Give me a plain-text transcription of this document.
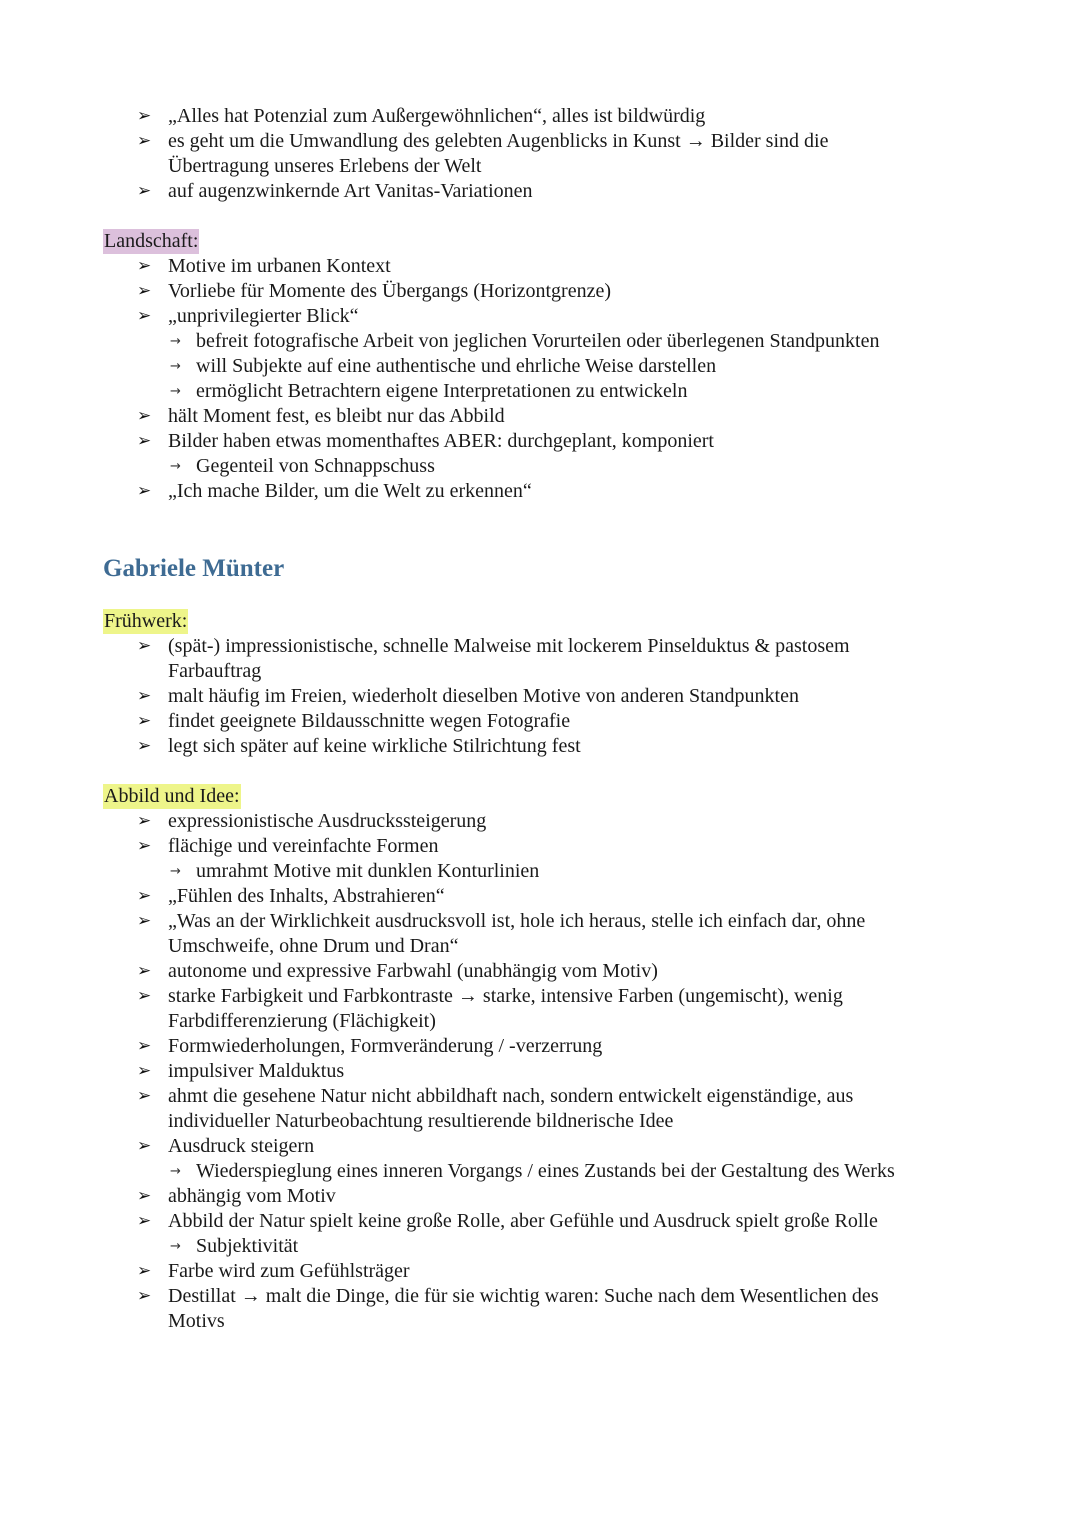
➢ „Alles hat Potenzial zum Außergewöhnlichen“, alles ist bildwürdig
➢ es geht um die Umwandlung des gelebten Augenblicks in Kunst → Bilder sind die
Übertragung unseres Erlebens der Welt
➢ auf augenzwinkernde Art Vanitas-Variationen
Landschaft:
➢ Motive im urbanen Kontext
➢ Vorliebe für Momente des Übergangs (Horizontgrenze)
➢ „unprivilegierter Blick“
→ befreit fotografische Arbeit von jeglichen Vorurteilen oder überlegenen Standpunkten
→ will Subjekte auf eine authentische und ehrliche Weise darstellen
→ ermöglicht Betrachtern eigene Interpretationen zu entwickeln
➢ hält Moment fest, es bleibt nur das Abbild
➢ Bilder haben etwas momenthaftes ABER: durchgeplant, komponiert
→ Gegenteil von Schnappschuss
➢ „Ich mache Bilder, um die Welt zu erkennen“
Gabriele Münter
Frühwerk:
➢ (spät-) impressionistische, schnelle Malweise mit lockerem Pinselduktus & pastosem
Farbauftrag
➢ malt häufig im Freien, wiederholt dieselben Motive von anderen Standpunkten
➢ findet geeignete Bildausschnitte wegen Fotografie
➢ legt sich später auf keine wirkliche Stilrichtung fest
Abbild und Idee:
➢ expressionistische Ausdruckssteigerung
➢ flächige und vereinfachte Formen
→ umrahmt Motive mit dunklen Konturlinien
➢ „Fühlen des Inhalts, Abstrahieren“
➢ „Was an der Wirklichkeit ausdrucksvoll ist, hole ich heraus, stelle ich einfach dar, ohne
Umschweife, ohne Drum und Dran“
➢ autonome und expressive Farbwahl (unabhängig vom Motiv)
➢ starke Farbigkeit und Farbkontraste → starke, intensive Farben (ungemischt), wenig
Farbdifferenzierung (Flächigkeit)
➢ Formwiederholungen, Formveränderung / -verzerrung
➢ impulsiver Malduktus
➢ ahmt die gesehene Natur nicht abbildhaft nach, sondern entwickelt eigenständige, aus
individueller Naturbeobachtung resultierende bildnerische Idee
➢ Ausdruck steigern
→ Wiederspieglung eines inneren Vorgangs / eines Zustands bei der Gestaltung des Werks
➢ abhängig vom Motiv
➢ Abbild der Natur spielt keine große Rolle, aber Gefühle und Ausdruck spielt große Rolle
→ Subjektivität
➢ Farbe wird zum Gefühlsträger
➢ Destillat → malt die Dinge, die für sie wichtig waren: Suche nach dem Wesentlichen des
Motivs
